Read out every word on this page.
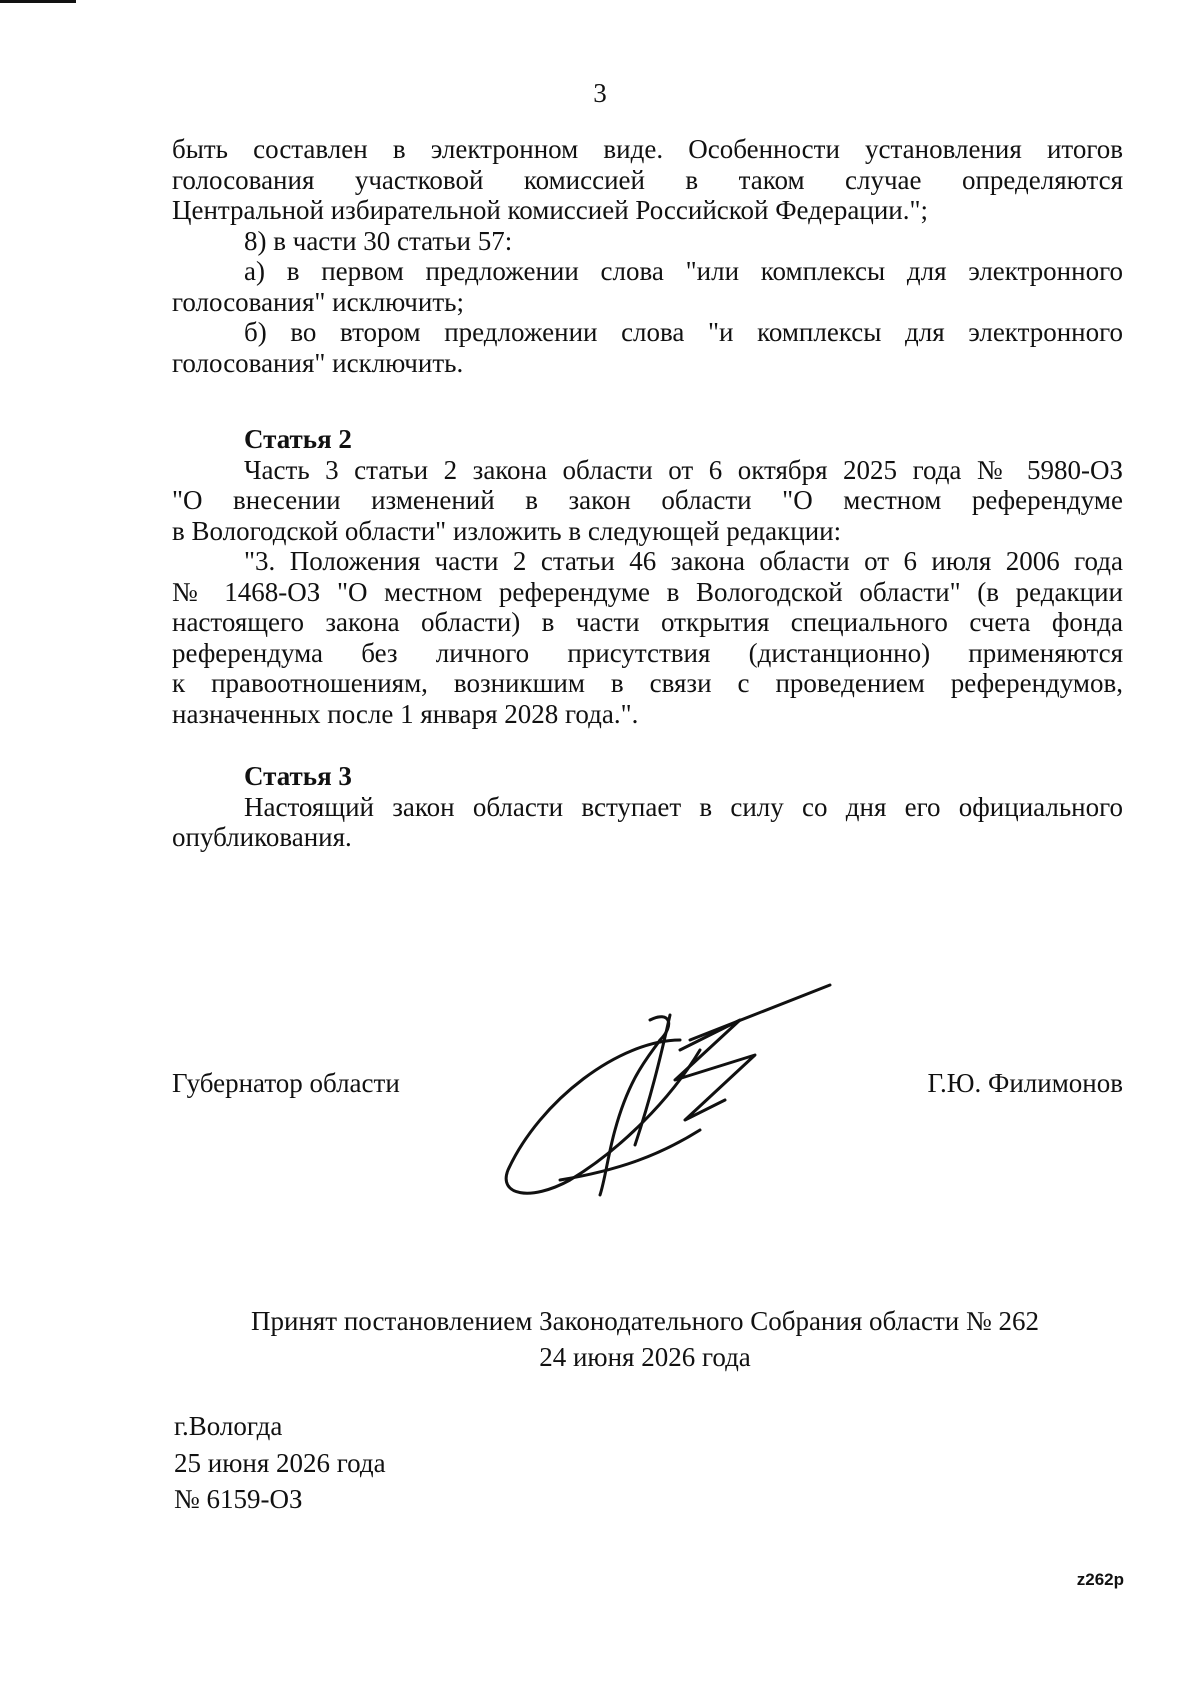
3

быть составлен в электронном виде. Особенности установления итогов

голосования участковой комиссией в таком случае определяются

Центральной избирательной комиссией Российской Федерации.";

8) в части 30 статьи 57:

а) в первом предложении слова "или комплексы для электронного

голосования" исключить;

б) во втором предложении слова "и комплексы для электронного

голосования" исключить.

Статья 2

Часть 3 статьи 2 закона области от 6 октября 2025 года № 5980-ОЗ

"О внесении изменений в закон области "О местном референдуме

в Вологодской области" изложить в следующей редакции:

"3. Положения части 2 статьи 46 закона области от 6 июля 2006 года

№ 1468-ОЗ "О местном референдуме в Вологодской области" (в редакции

настоящего закона области) в части открытия специального счета фонда

референдума без личного присутствия (дистанционно) применяются

к правоотношениям, возникшим в связи с проведением референдумов,

назначенных после 1 января 2028 года.".

Статья 3

Настоящий закон области вступает в силу со дня его официального

опубликования.

Губернатор области	Г.Ю. Филимонов
Принят постановлением Законодательного Собрания области № 262
24 июня 2026 года
г.Вологда
25 июня 2026 года
№ 6159-ОЗ
z262p
